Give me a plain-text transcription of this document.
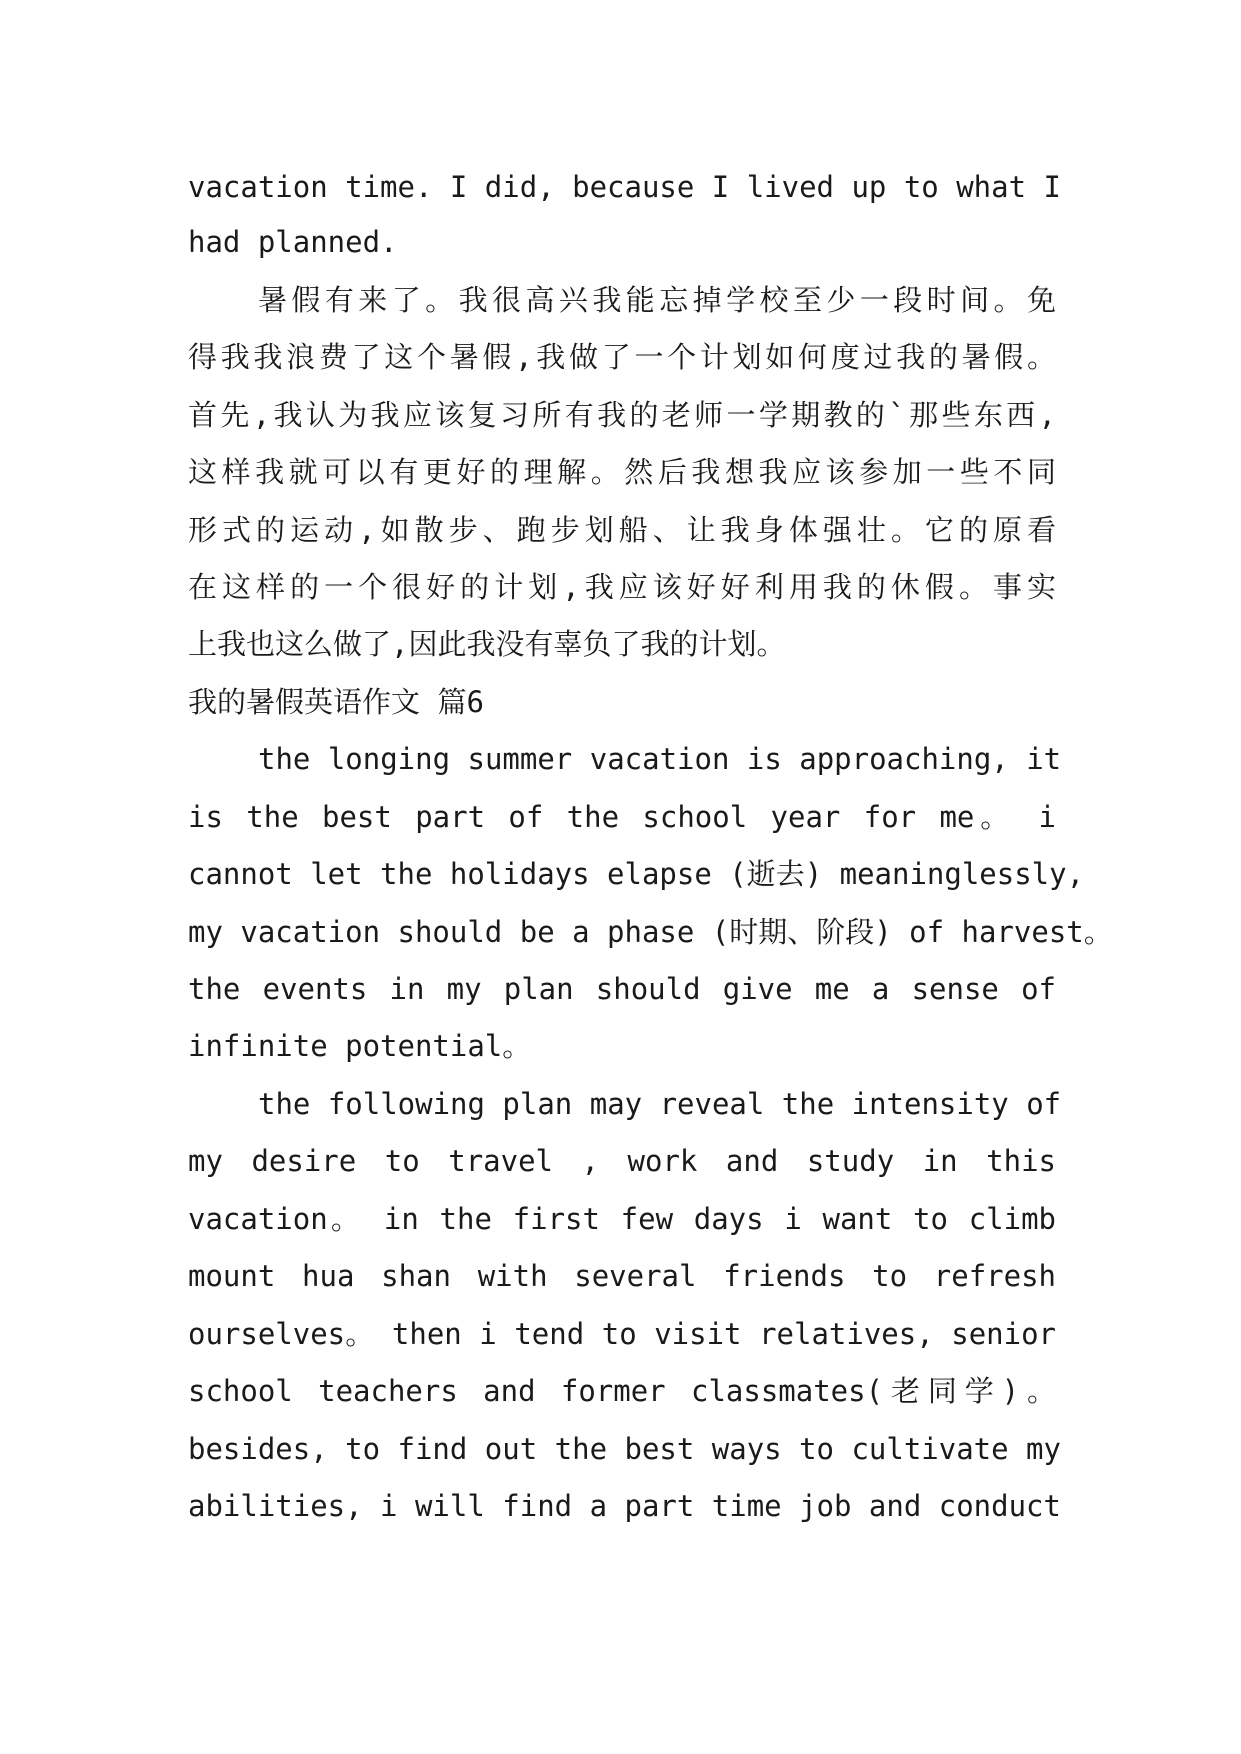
vacation time. I did, because I lived up to what I
had planned.
暑假有来了。我很高兴我能忘掉学校至少一段时间。免
得我我浪费了这个暑假,我做了一个计划如何度过我的暑假。
首先,我认为我应该复习所有我的老师一学期教的`那些东西,
这样我就可以有更好的理解。然后我想我应该参加一些不同
形式的运动,如散步、跑步划船、让我身体强壮。它的原看
在这样的一个很好的计划,我应该好好利用我的休假。事实
上我也这么做了,因此我没有辜负了我的计划。
我的暑假英语作文 篇6
the longing summer vacation is approaching, it
is the best part of the school year for me。 i
cannot let the holidays elapse (逝去) meaninglessly,
my vacation should be a phase (时期、阶段) of harvest。
the events in my plan should give me a sense of
infinite potential。
the following plan may reveal the intensity of
my desire to travel , work and study in this
vacation。 in the first few days i want to climb
mount hua shan with several friends to refresh
ourselves。 then i tend to visit relatives, senior
school teachers and former classmates(老同学)。
besides, to find out the best ways to cultivate my
abilities, i will find a part time job and conduct
